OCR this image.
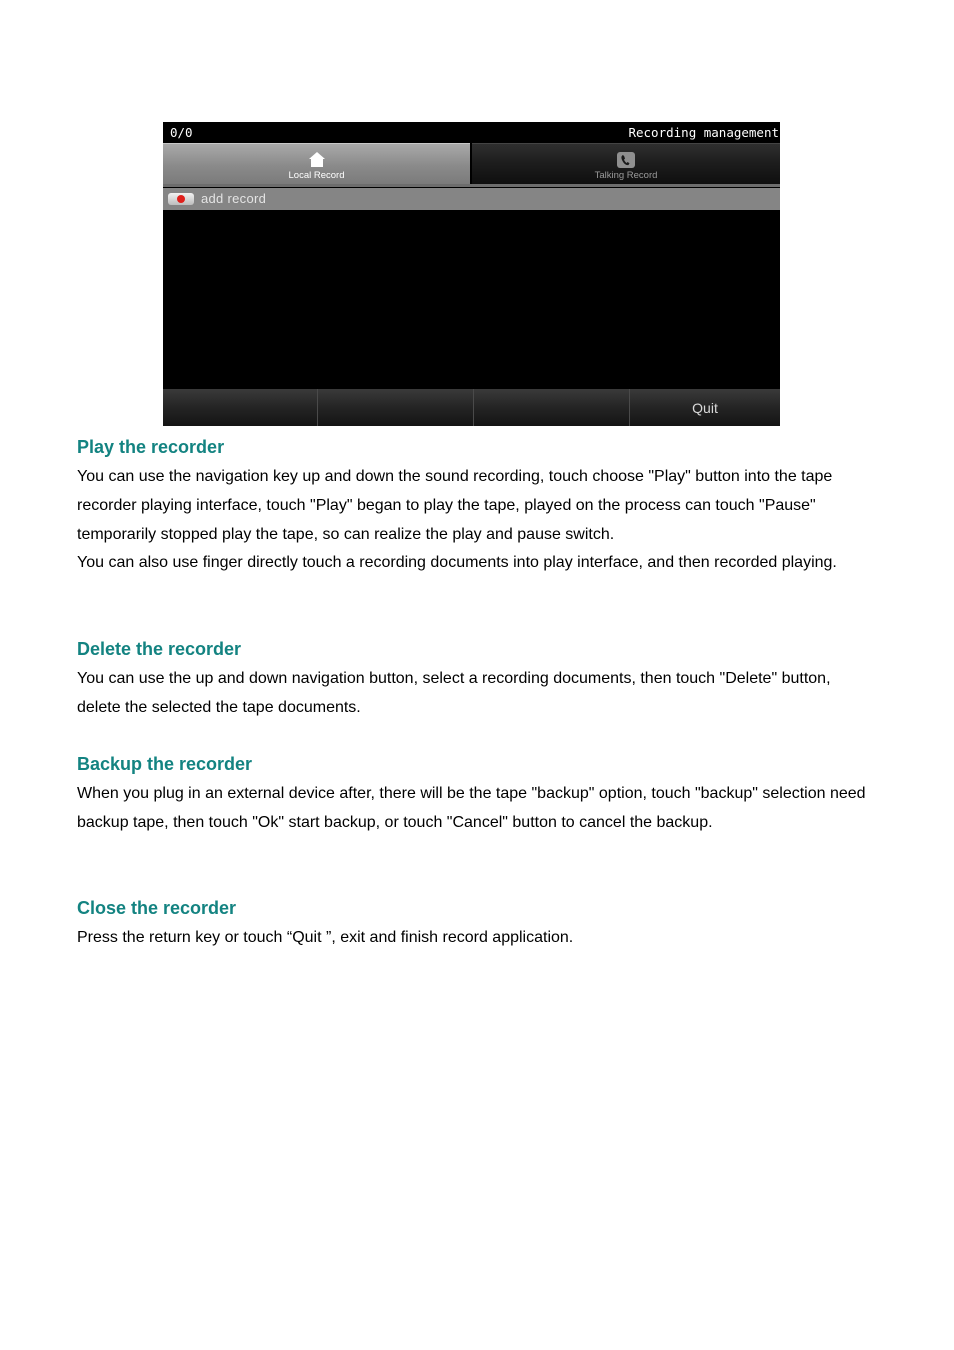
0/0	Recording management
Local Record	Talking Record
add record
Quit
Play the recorder

You can use the navigation key up and down the sound recording, touch choose "Play" button into the tape recorder playing interface, touch "Play" began to play the tape, played on the process can touch "Pause" temporarily stopped play the tape, so can realize the play and pause switch.

You can also use finger directly touch a recording documents into play interface, and then recorded playing.

Delete the recorder

You can use the up and down navigation button, select a recording documents, then touch "Delete" button, delete the selected the tape documents.

Backup the recorder

When you plug in an external device after, there will be the tape "backup" option, touch "backup" selection need backup tape, then touch "Ok" start backup, or touch "Cancel" button to cancel the backup.

Close the recorder

Press the return key or touch “Quit ”, exit and finish record application.
